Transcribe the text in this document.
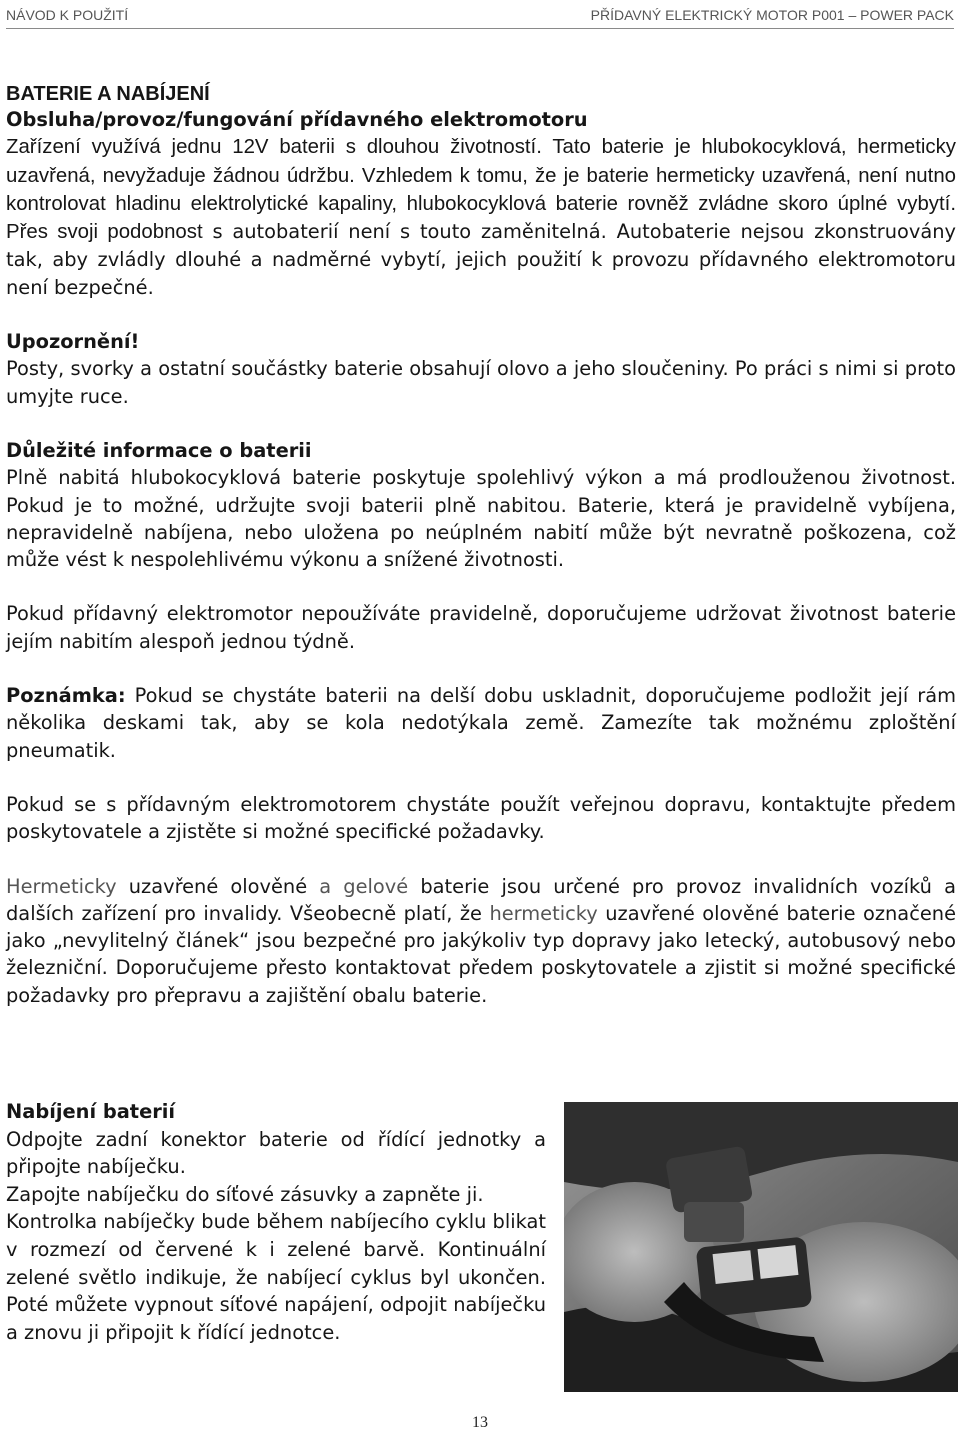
NÁVOD K POUŽITÍ	PŘÍDAVNÝ ELEKTRICKÝ MOTOR P001 – POWER PACK

BATERIE A NABÍJENÍ

Obsluha/provoz/fungování přídavného elektromotoru

Zařízení využívá jednu 12V baterii s dlouhou životností. Tato baterie je hlubokocyklová, hermeticky uzavřená, nevyžaduje žádnou údržbu. Vzhledem k tomu, že je baterie hermeticky uzavřená, není nutno kontrolovat hladinu elektrolytické kapaliny, hlubokocyklová baterie rovněž zvládne skoro úplné vybytí. Přes svoji podobnost s autobaterií není s touto zaměnitelná. Autobaterie nejsou zkonstruovány tak, aby zvládly dlouhé a nadměrné vybytí, jejich použití k provozu přídavného elektromotoru není bezpečné.

Upozornění!

Posty, svorky a ostatní součástky baterie obsahují olovo a jeho sloučeniny. Po práci s nimi si proto umyjte ruce.

Důležité informace o baterii

Plně nabitá hlubokocyklová baterie poskytuje spolehlivý výkon a má prodlouženou životnost. Pokud je to možné, udržujte svoji baterii plně nabitou. Baterie, která je pravidelně vybíjena, nepravidelně nabíjena, nebo uložena po neúplném nabití může být nevratně poškozena, což může vést k nespolehlivému výkonu a snížené životnosti.

Pokud přídavný elektromotor nepoužíváte pravidelně, doporučujeme udržovat životnost baterie jejím nabitím alespoň jednou týdně.

Poznámka: Pokud se chystáte baterii na delší dobu uskladnit, doporučujeme podložit její rám několika deskami tak, aby se kola nedotýkala země. Zamezíte tak možnému zploštění pneumatik.

Pokud se s přídavným elektromotorem chystáte použít veřejnou dopravu, kontaktujte předem poskytovatele a zjistěte si možné specifické požadavky.

Hermeticky uzavřené olověné a gelové baterie jsou určené pro provoz invalidních vozíků a dalších zařízení pro invalidy. Všeobecně platí, že hermeticky uzavřené olověné baterie označené jako „nevylitelný článek“ jsou bezpečné pro jakýkoliv typ dopravy jako letecký, autobusový nebo železniční. Doporučujeme přesto kontaktovat předem poskytovatele a zjistit si možné specifické požadavky pro přepravu a zajištění obalu baterie.

Nabíjení baterií

Odpojte zadní konektor baterie od řídící jednotky a připojte nabíječku.

Zapojte nabíječku do síťové zásuvky a zapněte ji.

Kontrolka nabíječky bude během nabíjecího cyklu blikat v rozmezí od červené k i zelené barvě. Kontinuální zelené světlo indikuje, že nabíjecí cyklus byl ukončen. Poté můžete vypnout síťové napájení, odpojit nabíječku a znovu ji připojit k řídící jednotce.

13
